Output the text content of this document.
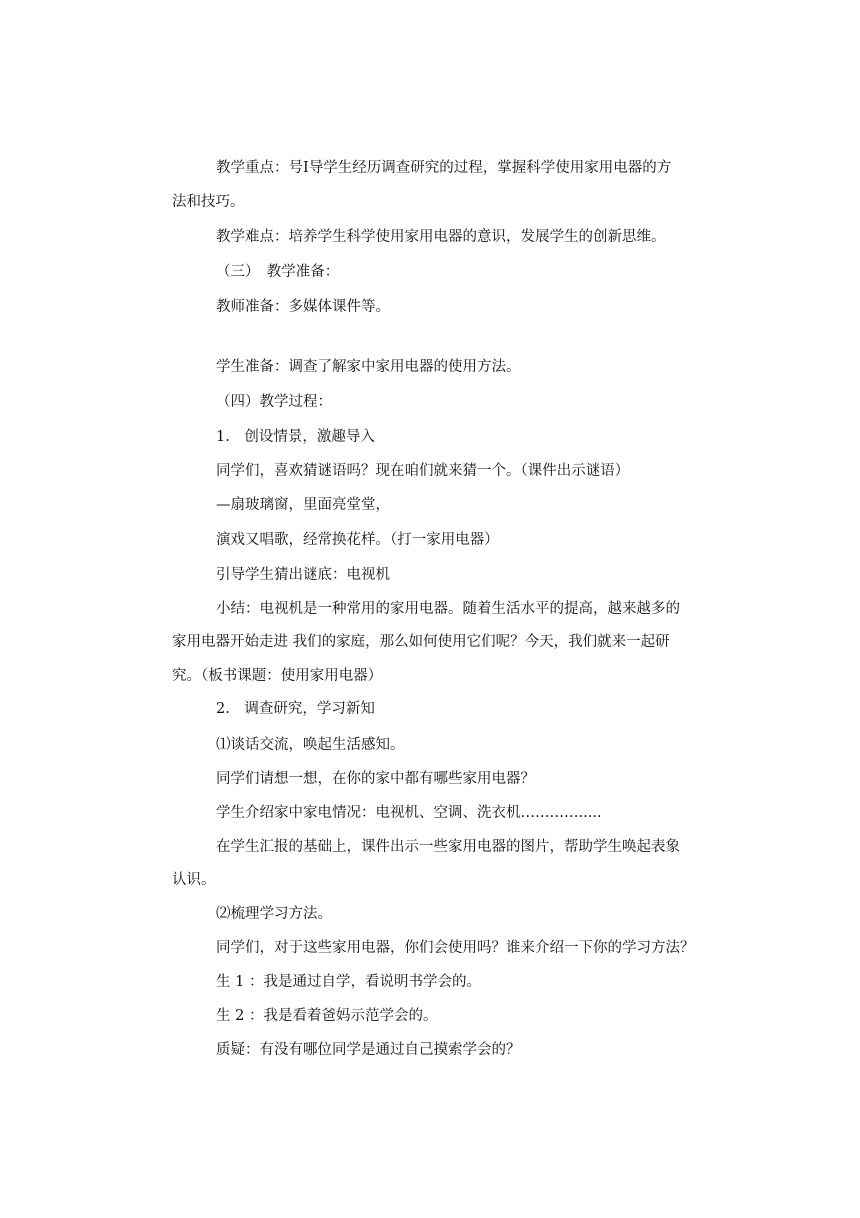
教学重点：号Ⅰ导学生经历调查研究的过程，掌握科学使用家用电器的方
法和技巧。
教学难点：培养学生科学使用家用电器的意识，发展学生的创新思维。
（三）　教学准备：
教师准备：多媒体课件等。
学生准备：调查了解家中家用电器的使用方法。
（四）教学过程：
1.　创设情景，激趣导入
同学们，喜欢猜谜语吗？现在咱们就来猜一个。（课件出示谜语）
—扇玻璃窗，里面亮堂堂，
演戏又唱歌，经常换花样。（打一家用电器）
引导学生猜出谜底：电视机
小结：电视机是一种常用的家用电器。随着生活水平的提高，越来越多的
家用电器开始走进 我们的家庭，那么如何使用它们呢？今天，我们就来一起研
究。（板书课题：使用家用电器）
2.　调查研究，学习新知
⑴谈话交流，唤起生活感知。
同学们请想一想，在你的家中都有哪些家用电器？
学生介绍家中家电情况：电视机、空调、洗衣机………….....
在学生汇报的基础上，课件出示一些家用电器的图片，帮助学生唤起表象
认识。
⑵梳理学习方法。
同学们，对于这些家用电器，你们会使用吗？谁来介绍一下你的学习方法？
生 1 ：我是通过自学，看说明书学会的。
生 2 ：我是看着爸妈示范学会的。
质疑：有没有哪位同学是通过自己摸索学会的？
